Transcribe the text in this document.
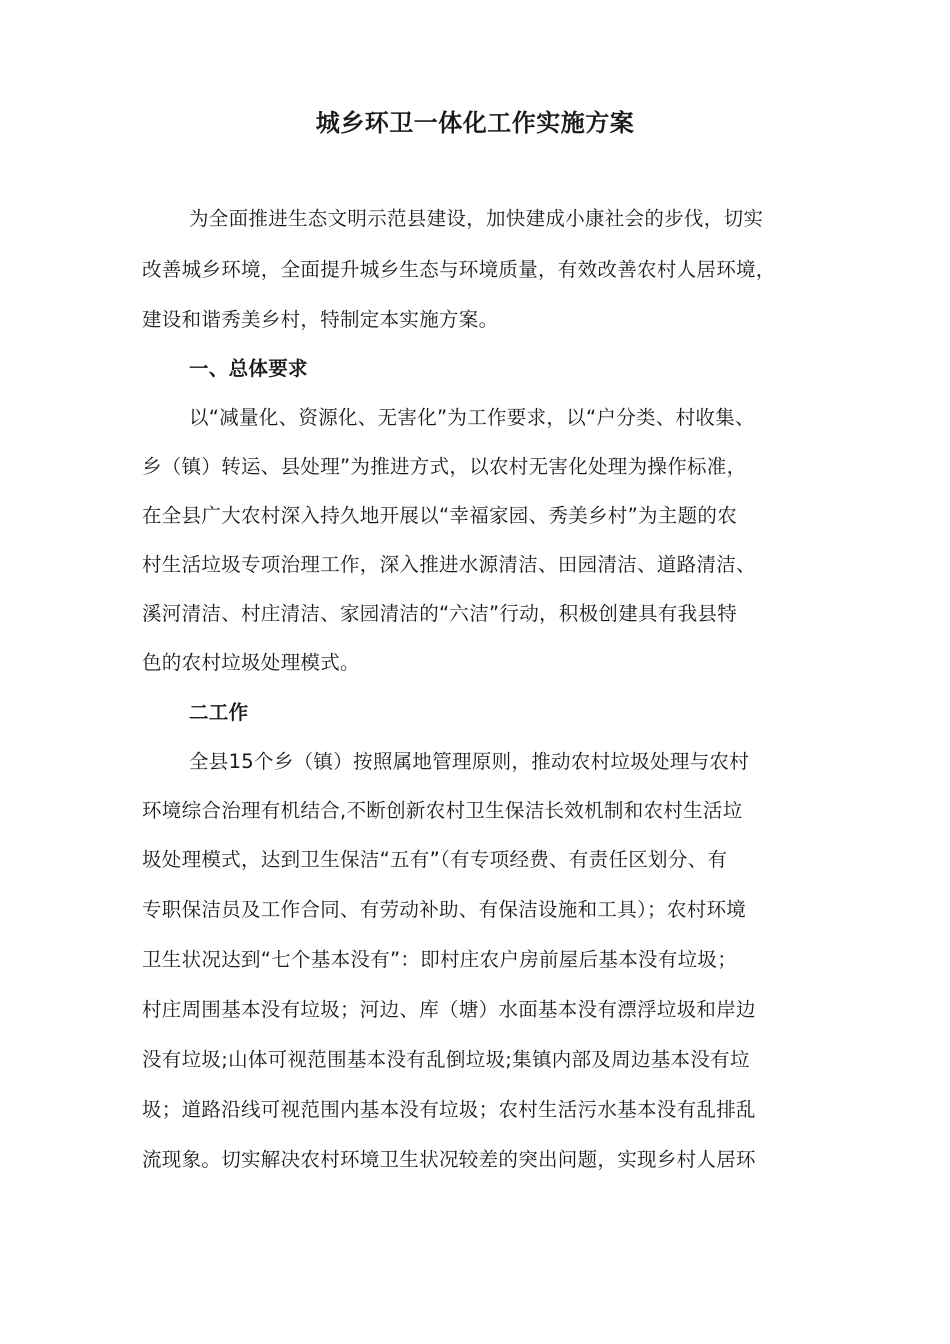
城乡环卫一体化工作实施方案

为全面推进生态文明示范县建设，加快建成小康社会的步伐，切实

改善城乡环境，全面提升城乡生态与环境质量，有效改善农村人居环境，

建设和谐秀美乡村，特制定本实施方案。

一、总体要求

以“减量化、资源化、无害化”为工作要求，以“户分类、村收集、

乡（镇）转运、县处理”为推进方式，以农村无害化处理为操作标准，

在全县广大农村深入持久地开展以“幸福家园、秀美乡村”为主题的农

村生活垃圾专项治理工作，深入推进水源清洁、田园清洁、道路清洁、

溪河清洁、村庄清洁、家园清洁的“六洁”行动，积极创建具有我县特

色的农村垃圾处理模式。

二工作

全县15个乡（镇）按照属地管理原则，推动农村垃圾处理与农村

环境综合治理有机结合,不断创新农村卫生保洁长效机制和农村生活垃

圾处理模式，达到卫生保洁“五有”（有专项经费、有责任区划分、有

专职保洁员及工作合同、有劳动补助、有保洁设施和工具）；农村环境

卫生状况达到“七个基本没有”：即村庄农户房前屋后基本没有垃圾；

村庄周围基本没有垃圾；河边、库（塘）水面基本没有漂浮垃圾和岸边

没有垃圾;山体可视范围基本没有乱倒垃圾;集镇内部及周边基本没有垃

圾；道路沿线可视范围内基本没有垃圾；农村生活污水基本没有乱排乱

流现象。切实解决农村环境卫生状况较差的突出问题，实现乡村人居环
